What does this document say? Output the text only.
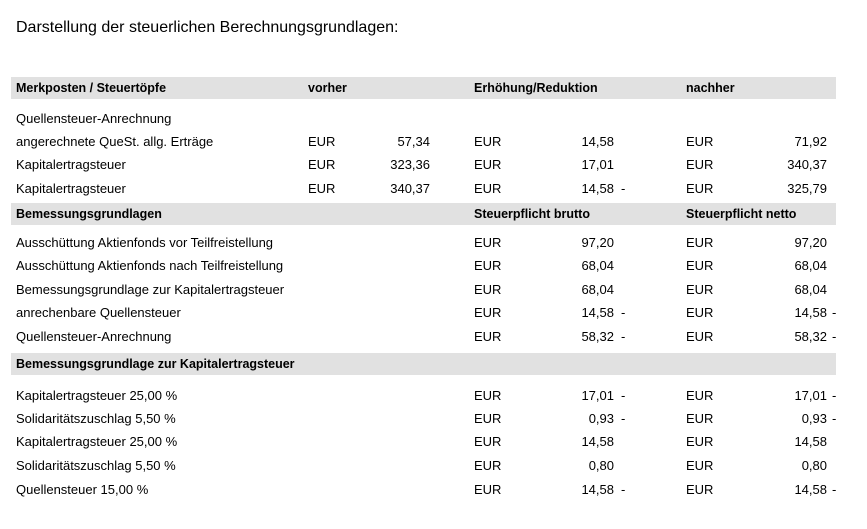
Darstellung der steuerlichen Berechnungsgrundlagen:
Merkposten / Steuertöpfe	vorher	Erhöhung/Reduktion	nachher
Quellensteuer-Anrechnung
angerechnete QueSt. allg. Erträge	EUR	57,34	EUR	14,58	EUR	71,92
Kapitalertragsteuer	EUR	323,36	EUR	17,01	EUR	340,37
Kapitalertragsteuer	EUR	340,37	EUR	14,58 -	EUR	325,79
Bemessungsgrundlagen	Steuerpflicht brutto	Steuerpflicht netto
Ausschüttung Aktienfonds vor Teilfreistellung	EUR	97,20	EUR	97,20
Ausschüttung Aktienfonds nach Teilfreistellung	EUR	68,04	EUR	68,04
Bemessungsgrundlage zur Kapitalertragsteuer	EUR	68,04	EUR	68,04
anrechenbare Quellensteuer	EUR	14,58 -	EUR	14,58 -
Quellensteuer-Anrechnung	EUR	58,32 -	EUR	58,32 -
Bemessungsgrundlage zur Kapitalertragsteuer
Kapitalertragsteuer 25,00 %	EUR	17,01 -	EUR	17,01 -
Solidaritätszuschlag 5,50 %	EUR	0,93 -	EUR	0,93 -
Kapitalertragsteuer 25,00 %	EUR	14,58	EUR	14,58
Solidaritätszuschlag 5,50 %	EUR	0,80	EUR	0,80
Quellensteuer 15,00 %	EUR	14,58 -	EUR	14,58 -
